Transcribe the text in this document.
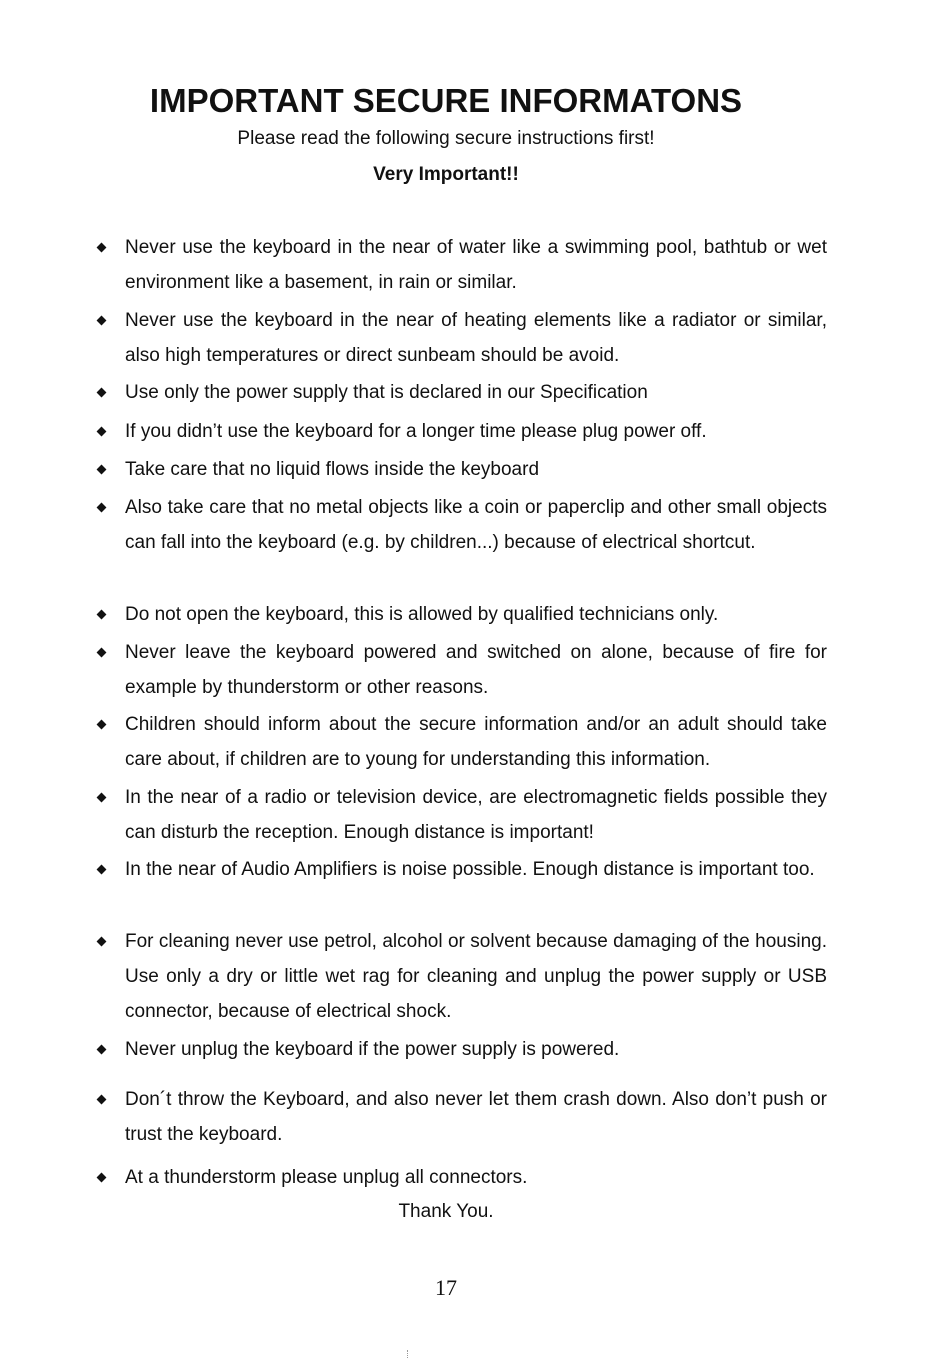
IMPORTANT SECURE INFORMATONS
Please read the following secure instructions first!
Very Important!!
Never use the keyboard in the near of water like a swimming pool, bathtub or wet environment like a basement, in rain or similar.
Never use the keyboard in the near of heating elements like a radiator or similar, also high temperatures or direct sunbeam should be avoid.
Use only the power supply that is declared in our Specification
If you didn’t use the keyboard for a longer time please plug power off.
Take care that no liquid flows inside the keyboard
Also take care that no metal objects like a coin or paperclip and other small objects can fall into the keyboard (e.g. by children...) because of electrical shortcut.
Do not open the keyboard, this is allowed by qualified technicians only.
Never leave the keyboard powered and switched on alone, because of fire for example by thunderstorm or other reasons.
Children should inform about the secure information and/or an adult should take care about, if children are to young for understanding this information.
In the near of a radio or television device, are electromagnetic fields possible they can disturb the reception. Enough distance is important!
In the near of Audio Amplifiers is noise possible. Enough distance is important too.
For cleaning never use petrol, alcohol or solvent because damaging of the housing. Use only a dry or little wet rag for cleaning and unplug the power supply or USB connector, because of electrical shock.
Never unplug the keyboard if the power supply is powered.
Don´t throw the Keyboard, and also never let them crash down. Also don’t push or trust the keyboard.
At a thunderstorm please unplug all connectors.
Thank You.
17
